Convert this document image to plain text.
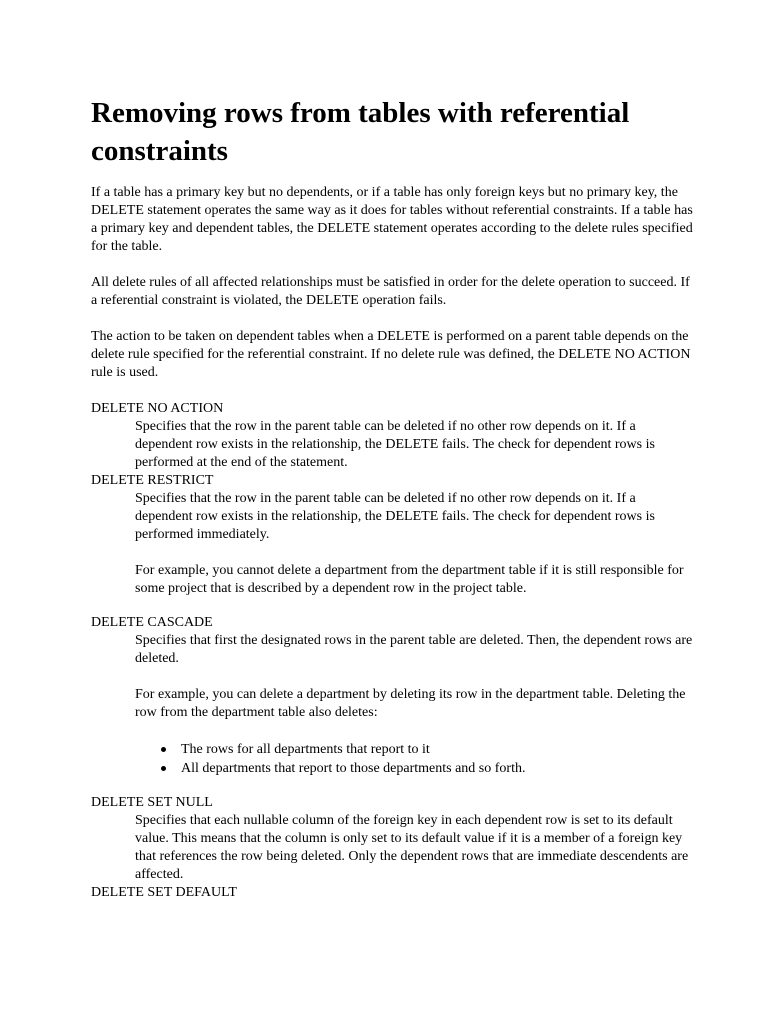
Removing rows from tables with referential constraints

If a table has a primary key but no dependents, or if a table has only foreign keys but no primary key, the DELETE statement operates the same way as it does for tables without referential constraints. If a table has a primary key and dependent tables, the DELETE statement operates according to the delete rules specified for the table.

All delete rules of all affected relationships must be satisfied in order for the delete operation to succeed. If a referential constraint is violated, the DELETE operation fails.

The action to be taken on dependent tables when a DELETE is performed on a parent table depends on the delete rule specified for the referential constraint. If no delete rule was defined, the DELETE NO ACTION rule is used.

DELETE NO ACTION

Specifies that the row in the parent table can be deleted if no other row depends on it. If a dependent row exists in the relationship, the DELETE fails. The check for dependent rows is performed at the end of the statement.

DELETE RESTRICT

Specifies that the row in the parent table can be deleted if no other row depends on it. If a dependent row exists in the relationship, the DELETE fails. The check for dependent rows is performed immediately.

For example, you cannot delete a department from the department table if it is still responsible for some project that is described by a dependent row in the project table.

DELETE CASCADE

Specifies that first the designated rows in the parent table are deleted. Then, the dependent rows are deleted.

For example, you can delete a department by deleting its row in the department table. Deleting the row from the department table also deletes:

The rows for all departments that report to it
All departments that report to those departments and so forth.
DELETE SET NULL

Specifies that each nullable column of the foreign key in each dependent row is set to its default value. This means that the column is only set to its default value if it is a member of a foreign key that references the row being deleted. Only the dependent rows that are immediate descendents are affected.

DELETE SET DEFAULT
